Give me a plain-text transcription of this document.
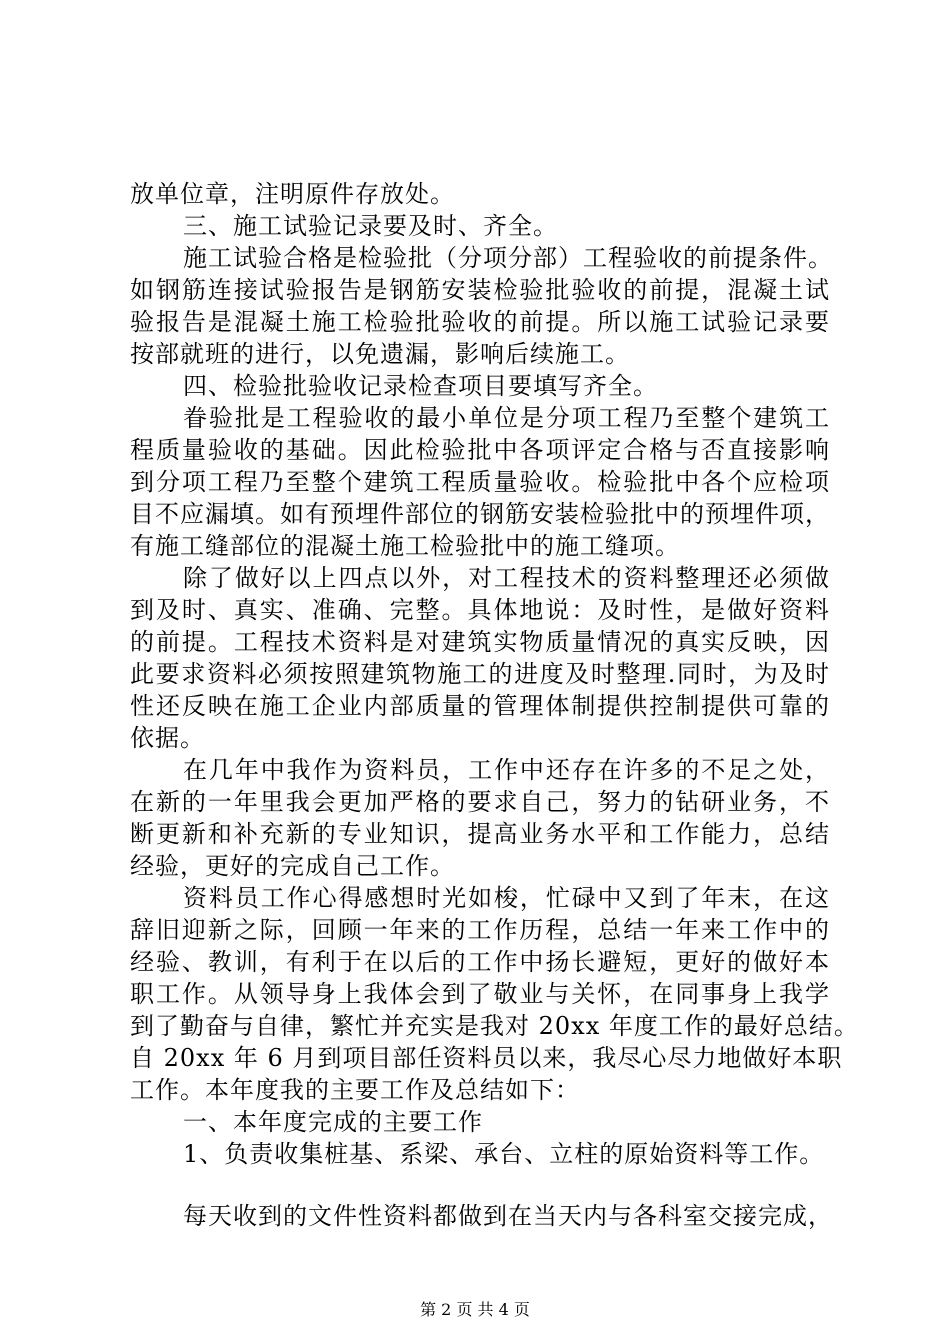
放单位章，注明原件存放处。
三、施工试验记录要及时、齐全。
施工试验合格是检验批（分项分部）工程验收的前提条件。
如钢筋连接试验报告是钢筋安装检验批验收的前提，混凝土试
验报告是混凝土施工检验批验收的前提。所以施工试验记录要
按部就班的进行，以免遗漏，影响后续施工。
四、检验批验收记录检查项目要填写齐全。
眷验批是工程验收的最小单位是分项工程乃至整个建筑工
程质量验收的基础。因此检验批中各项评定合格与否直接影响
到分项工程乃至整个建筑工程质量验收。检验批中各个应检项
目不应漏填。如有预埋件部位的钢筋安装检验批中的预埋件项，
有施工缝部位的混凝土施工检验批中的施工缝项。
除了做好以上四点以外，对工程技术的资料整理还必须做
到及时、真实、准确、完整。具体地说：及时性，是做好资料
的前提。工程技术资料是对建筑实物质量情况的真实反映，因
此要求资料必须按照建筑物施工的进度及时整理.同时，为及时
性还反映在施工企业内部质量的管理体制提供控制提供可靠的
依据。
在几年中我作为资料员，工作中还存在许多的不足之处，
在新的一年里我会更加严格的要求自己，努力的钻研业务，不
断更新和补充新的专业知识，提高业务水平和工作能力，总结
经验，更好的完成自己工作。
资料员工作心得感想时光如梭，忙碌中又到了年末，在这
辞旧迎新之际，回顾一年来的工作历程，总结一年来工作中的
经验、教训，有利于在以后的工作中扬长避短，更好的做好本
职工作。从领导身上我体会到了敬业与关怀，在同事身上我学
到了勤奋与自律，繁忙并充实是我对 20xx 年度工作的最好总结。
自 20xx 年 6 月到项目部任资料员以来，我尽心尽力地做好本职
工作。本年度我的主要工作及总结如下：
一、本年度完成的主要工作
1、负责收集桩基、系梁、承台、立柱的原始资料等工作。
每天收到的文件性资料都做到在当天内与各科室交接完成，
第 2 页 共 4 页
